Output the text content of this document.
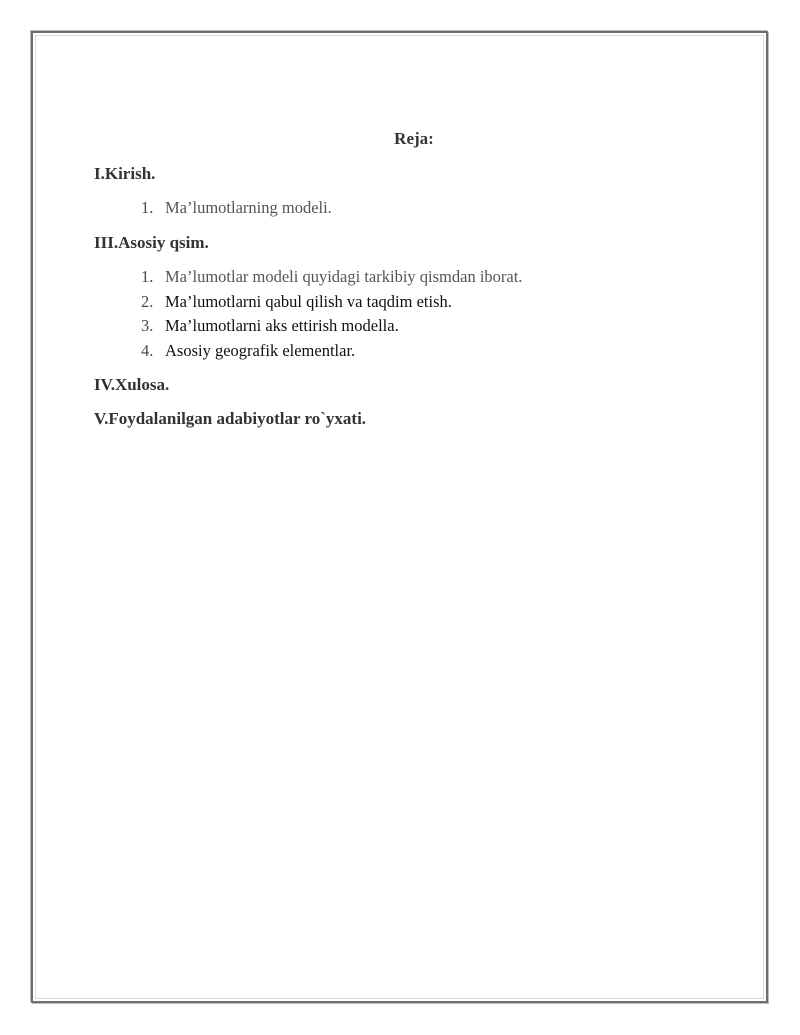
Reja:

I.Kirish.

1. Ma’lumotlarning modeli.

III.Asosiy qsim.

1. Ma’lumotlar modeli quyidagi tarkibiy qismdan iborat.
2. Ma’lumotlarni qabul qilish va taqdim etish.
3. Ma’lumotlarni aks ettirish modella.
4. Asosiy geografik elementlar.

IV.Xulosa.

V.Foydalanilgan adabiyotlar ro`yxati.
